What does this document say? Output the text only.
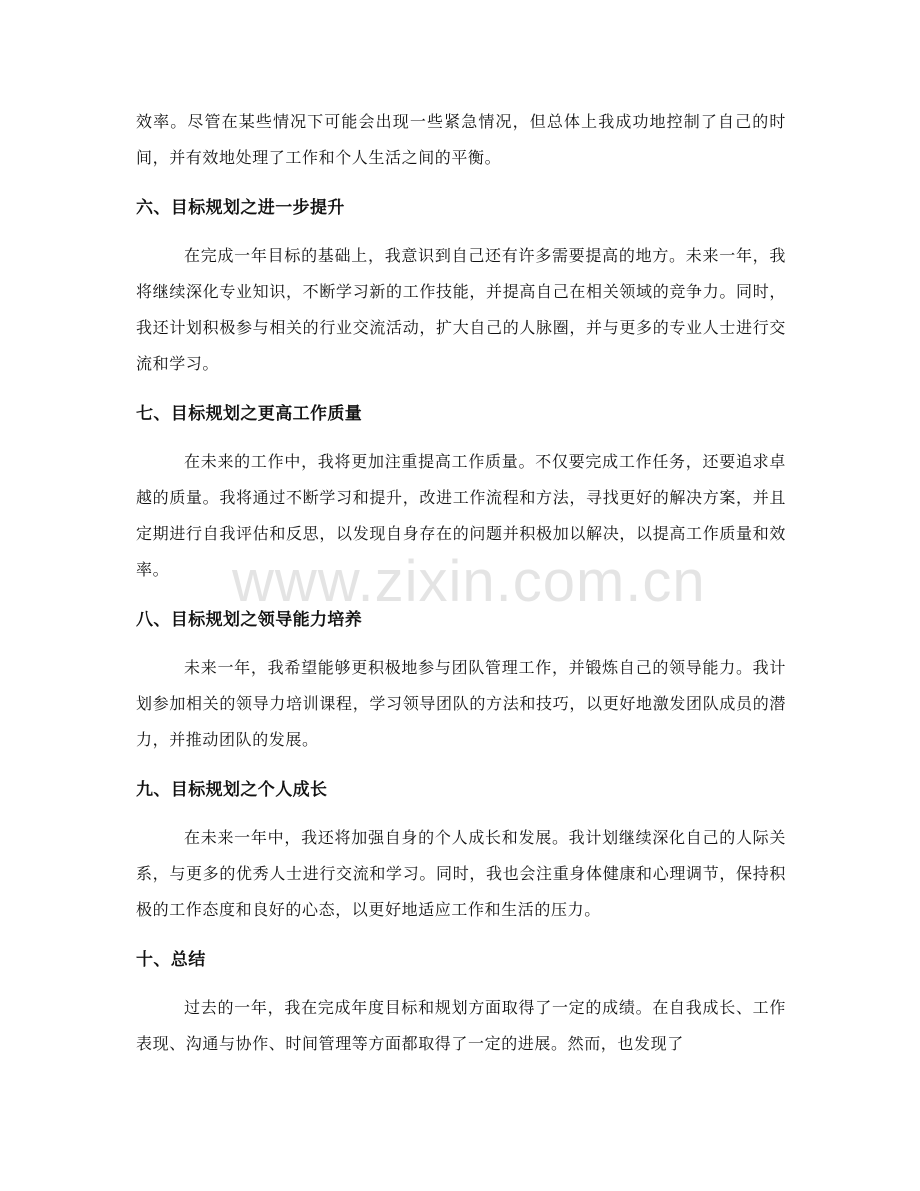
效率。尽管在某些情况下可能会出现一些紧急情况，但总体上我成功地控制了自己的时间，并有效地处理了工作和个人生活之间的平衡。

六、目标规划之进一步提升

在完成一年目标的基础上，我意识到自己还有许多需要提高的地方。未来一年，我将继续深化专业知识，不断学习新的工作技能，并提高自己在相关领域的竞争力。同时，我还计划积极参与相关的行业交流活动，扩大自己的人脉圈，并与更多的专业人士进行交流和学习。

七、目标规划之更高工作质量

在未来的工作中，我将更加注重提高工作质量。不仅要完成工作任务，还要追求卓越的质量。我将通过不断学习和提升，改进工作流程和方法，寻找更好的解决方案，并且定期进行自我评估和反思，以发现自身存在的问题并积极加以解决，以提高工作质量和效率。

八、目标规划之领导能力培养

未来一年，我希望能够更积极地参与团队管理工作，并锻炼自己的领导能力。我计划参加相关的领导力培训课程，学习领导团队的方法和技巧，以更好地激发团队成员的潜力，并推动团队的发展。

九、目标规划之个人成长

在未来一年中，我还将加强自身的个人成长和发展。我计划继续深化自己的人际关系，与更多的优秀人士进行交流和学习。同时，我也会注重身体健康和心理调节，保持积极的工作态度和良好的心态，以更好地适应工作和生活的压力。

十、总结

过去的一年，我在完成年度目标和规划方面取得了一定的成绩。在自我成长、工作表现、沟通与协作、时间管理等方面都取得了一定的进展。然而，也发现了

www.zixin.com.cn
